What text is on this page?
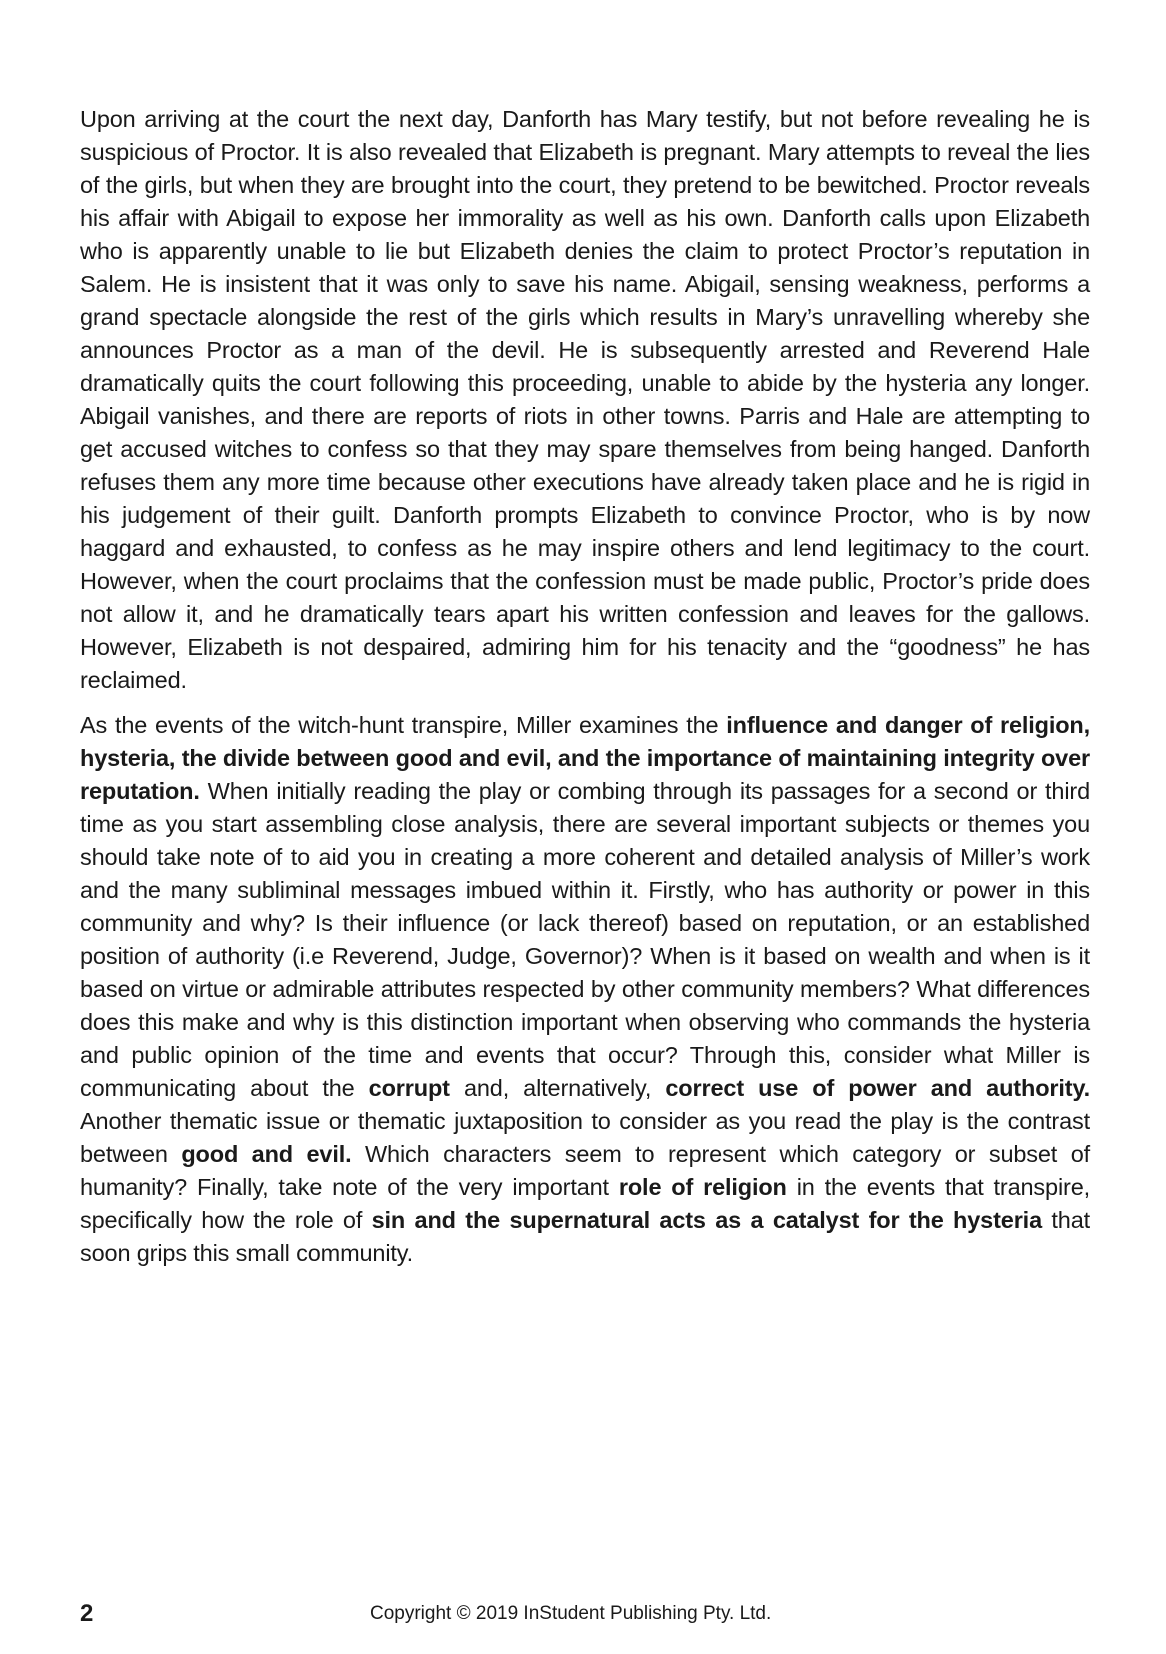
Upon arriving at the court the next day, Danforth has Mary testify, but not before revealing he is suspicious of Proctor. It is also revealed that Elizabeth is pregnant. Mary attempts to reveal the lies of the girls, but when they are brought into the court, they pretend to be bewitched. Proctor reveals his affair with Abigail to expose her immorality as well as his own. Danforth calls upon Elizabeth who is apparently unable to lie but Elizabeth denies the claim to protect Proctor’s reputation in Salem. He is insistent that it was only to save his name. Abigail, sensing weakness, performs a grand spectacle alongside the rest of the girls which results in Mary’s unravelling whereby she announces Proctor as a man of the devil. He is subsequently arrested and Reverend Hale dramatically quits the court following this proceeding, unable to abide by the hysteria any longer. Abigail vanishes, and there are reports of riots in other towns. Parris and Hale are attempting to get accused witches to confess so that they may spare themselves from being hanged. Danforth refuses them any more time because other executions have already taken place and he is rigid in his judgement of their guilt. Danforth prompts Elizabeth to convince Proctor, who is by now haggard and exhausted, to confess as he may inspire others and lend legitimacy to the court. However, when the court proclaims that the confession must be made public, Proctor’s pride does not allow it, and he dramatically tears apart his written confession and leaves for the gallows. However, Elizabeth is not despaired, admiring him for his tenacity and the “goodness” he has reclaimed.

As the events of the witch-hunt transpire, Miller examines the influence and danger of religion, hysteria, the divide between good and evil, and the importance of maintaining integrity over reputation. When initially reading the play or combing through its passages for a second or third time as you start assembling close analysis, there are several important subjects or themes you should take note of to aid you in creating a more coherent and detailed analysis of Miller’s work and the many subliminal messages imbued within it. Firstly, who has authority or power in this community and why? Is their influence (or lack thereof) based on reputation, or an established position of authority (i.e Reverend, Judge, Governor)? When is it based on wealth and when is it based on virtue or admirable attributes respected by other community members? What differences does this make and why is this distinction important when observing who commands the hysteria and public opinion of the time and events that occur? Through this, consider what Miller is communicating about the corrupt and, alternatively, correct use of power and authority. Another thematic issue or thematic juxtaposition to consider as you read the play is the contrast between good and evil. Which characters seem to represent which category or subset of humanity? Finally, take note of the very important role of religion in the events that transpire, specifically how the role of sin and the supernatural acts as a catalyst for the hysteria that soon grips this small community.

2	Copyright © 2019 InStudent Publishing Pty. Ltd.
